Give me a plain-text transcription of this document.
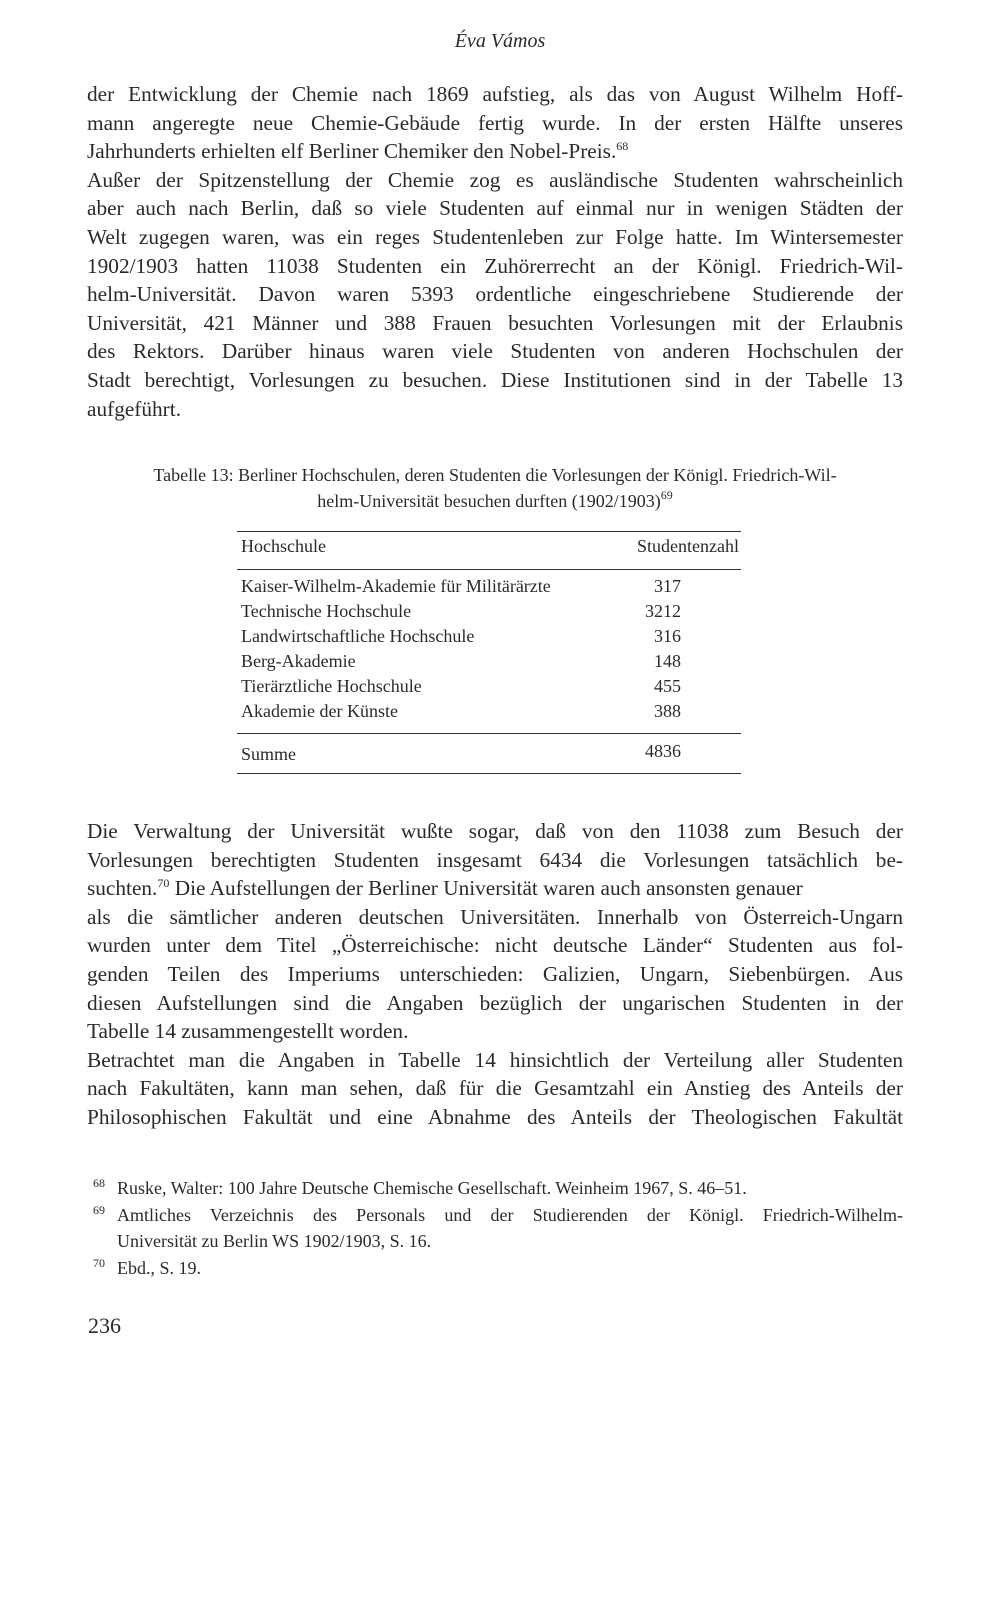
Éva Vámos
der Entwicklung der Chemie nach 1869 aufstieg, als das von August Wilhelm Hoff-
mann angeregte neue Chemie-Gebäude fertig wurde. In der ersten Hälfte unseres
Jahrhunderts erhielten elf Berliner Chemiker den Nobel-Preis.$^{68}$
Außer der Spitzenstellung der Chemie zog es ausländische Studenten wahrscheinlich
aber auch nach Berlin, daß so viele Studenten auf einmal nur in wenigen Städten der
Welt zugegen waren, was ein reges Studentenleben zur Folge hatte. Im Wintersemester
1902/1903 hatten 11038 Studenten ein Zuhörerrecht an der Königl. Friedrich-Wil-
helm-Universität. Davon waren 5393 ordentliche eingeschriebene Studierende der
Universität, 421 Männer und 388 Frauen besuchten Vorlesungen mit der Erlaubnis
des Rektors. Darüber hinaus waren viele Studenten von anderen Hochschulen der
Stadt berechtigt, Vorlesungen zu besuchen. Diese Institutionen sind in der Tabelle 13
aufgeführt.
Tabelle 13: Berliner Hochschulen, deren Studenten die Vorlesungen der Königl. Friedrich-Wil-
helm-Universität besuchen durften $(1902/1903)^{69}$
Hochschule	Studentenzahl
Kaiser-Wilhelm-Akademie für Militärärzte	317
Technische Hochschule	3212
Landwirtschaftliche Hochschule	316
Berg-Akademie	148
Tierärztliche Hochschule	455
Akademie der Künste	388
Summe	4836
Die Verwaltung der Universität wußte sogar, daß von den 11038 zum Besuch der
Vorlesungen berechtigten Studenten insgesamt 6434 die Vorlesungen tatsächlich be-
suchten.$^{70}$ Die Aufstellungen der Berliner Universität waren auch ansonsten genauer
als die sämtlicher anderen deutschen Universitäten. Innerhalb von Österreich-Ungarn
wurden unter dem Titel „Österreichische: nicht deutsche Länder“ Studenten aus fol-
genden Teilen des Imperiums unterschieden: Galizien, Ungarn, Siebenbürgen. Aus
diesen Aufstellungen sind die Angaben bezüglich der ungarischen Studenten in der
Tabelle 14 zusammengestellt worden.
Betrachtet man die Angaben in Tabelle 14 hinsichtlich der Verteilung aller Studenten
nach Fakultäten, kann man sehen, daß für die Gesamtzahl ein Anstieg des Anteils der
Philosophischen Fakultät und eine Abnahme des Anteils der Theologischen Fakultät
68 Ruske, Walter: 100 Jahre Deutsche Chemische Gesellschaft. Weinheim 1967, S. 46–51.
69 Amtliches Verzeichnis des Personals und der Studierenden der Königl. Friedrich-Wilhelm-
Universität zu Berlin WS 1902/1903, S. 16.
70 Ebd., S. 19.
236
